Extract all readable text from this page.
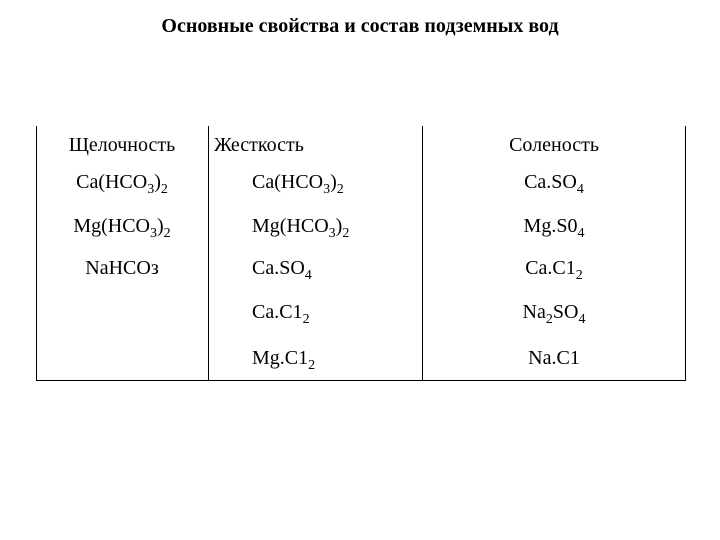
Основные свойства и состав подземных вод
Щелочность	Жесткость	Соленость
$Ca(HCO_3)_2$
$Mg(HCO_3)_2$
NaHCOз
$Ca(HCO_3)_2$
$Mg(HCO_3)_2$
$Ca.SO_4$
$Ca.C1_2$
$Mg.C1_2$
$Ca.SO_4$
$Mg.S0_4$
$Ca.C1_2$
$Na_2SO_4$
Na.C1
